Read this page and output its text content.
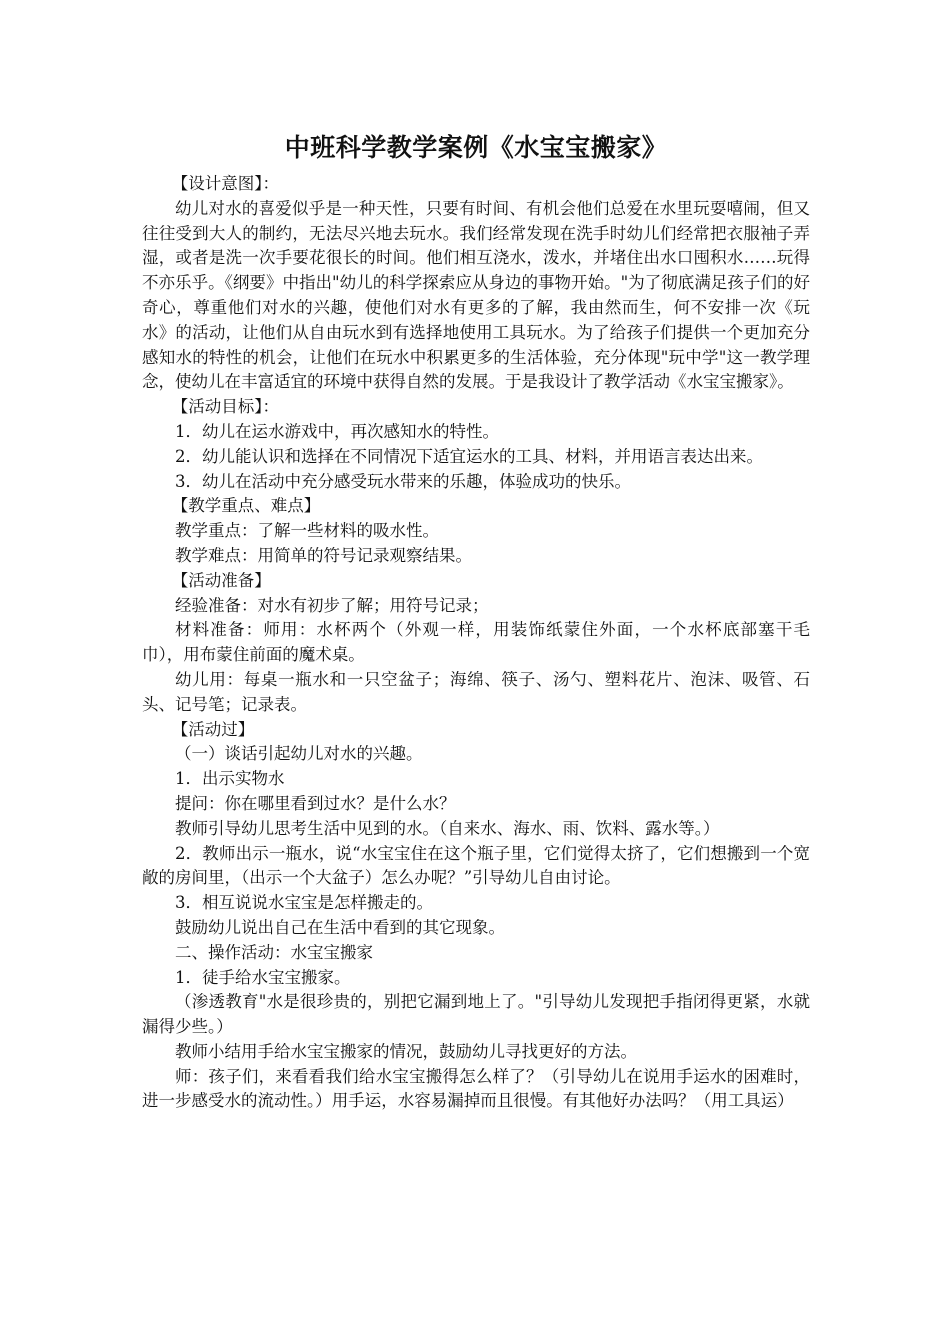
中班科学教学案例《水宝宝搬家》

【设计意图】：

幼儿对水的喜爱似乎是一种天性，只要有时间、有机会他们总爱在水里玩耍嘻闹，但又往往受到大人的制约，无法尽兴地去玩水。我们经常发现在洗手时幼儿们经常把衣服袖子弄湿，或者是洗一次手要花很长的时间。他们相互浇水，泼水，并堵住出水口囤积水……玩得不亦乐乎。《纲要》中指出"幼儿的科学探索应从身边的事物开始。"为了彻底满足孩子们的好奇心，尊重他们对水的兴趣，使他们对水有更多的了解，我由然而生，何不安排一次《玩水》的活动，让他们从自由玩水到有选择地使用工具玩水。为了给孩子们提供一个更加充分感知水的特性的机会，让他们在玩水中积累更多的生活体验，充分体现"玩中学"这一教学理念，使幼儿在丰富适宜的环境中获得自然的发展。于是我设计了教学活动《水宝宝搬家》。

【活动目标】：

1．幼儿在运水游戏中，再次感知水的特性。

2．幼儿能认识和选择在不同情况下适宜运水的工具、材料，并用语言表达出来。

3．幼儿在活动中充分感受玩水带来的乐趣，体验成功的快乐。

【教学重点、难点】

教学重点：了解一些材料的吸水性。

教学难点：用简单的符号记录观察结果。

【活动准备】

经验准备：对水有初步了解；用符号记录；

材料准备：师用：水杯两个（外观一样，用装饰纸蒙住外面，一个水杯底部塞干毛巾），用布蒙住前面的魔术桌。

幼儿用：每桌一瓶水和一只空盆子；海绵、筷子、汤勺、塑料花片、泡沫、吸管、石头、记号笔；记录表。

【活动过】

（一）谈话引起幼儿对水的兴趣。

1．出示实物水

提问：你在哪里看到过水？是什么水？

教师引导幼儿思考生活中见到的水。（自来水、海水、雨、饮料、露水等。）

2．教师出示一瓶水，说“水宝宝住在这个瓶子里，它们觉得太挤了，它们想搬到一个宽敞的房间里，（出示一个大盆子）怎么办呢？”引导幼儿自由讨论。

3．相互说说水宝宝是怎样搬走的。

鼓励幼儿说出自己在生活中看到的其它现象。

二、操作活动：水宝宝搬家

1．徒手给水宝宝搬家。

（渗透教育"水是很珍贵的，别把它漏到地上了。"引导幼儿发现把手指闭得更紧，水就漏得少些。）

教师小结用手给水宝宝搬家的情况，鼓励幼儿寻找更好的方法。

师：孩子们，来看看我们给水宝宝搬得怎么样了？（引导幼儿在说用手运水的困难时，进一步感受水的流动性。）用手运，水容易漏掉而且很慢。有其他好办法吗？（用工具运）
